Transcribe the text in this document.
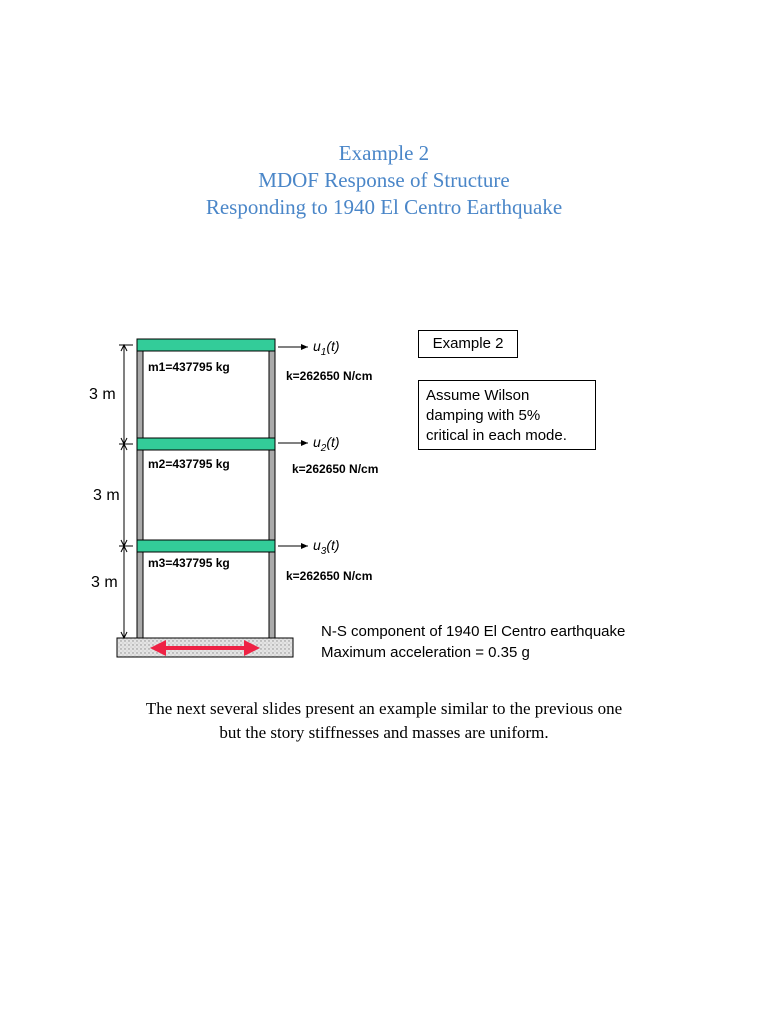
Example 2
MDOF Response of Structure
Responding to 1940 El Centro Earthquake
3 m
3 m
3 m
m1=437795 kg
m2=437795 kg
m3=437795 kg
k=262650 N/cm
k=262650 N/cm
k=262650 N/cm
$u_1(t)$
$u_2(t)$
$u_3(t)$
Example 2
Assume Wilson
damping with 5%
critical in each mode.
N-S component of 1940 El Centro earthquake
Maximum acceleration = 0.35 g
The next several slides present an example similar to the previous one
but the story stiffnesses and masses are uniform.
